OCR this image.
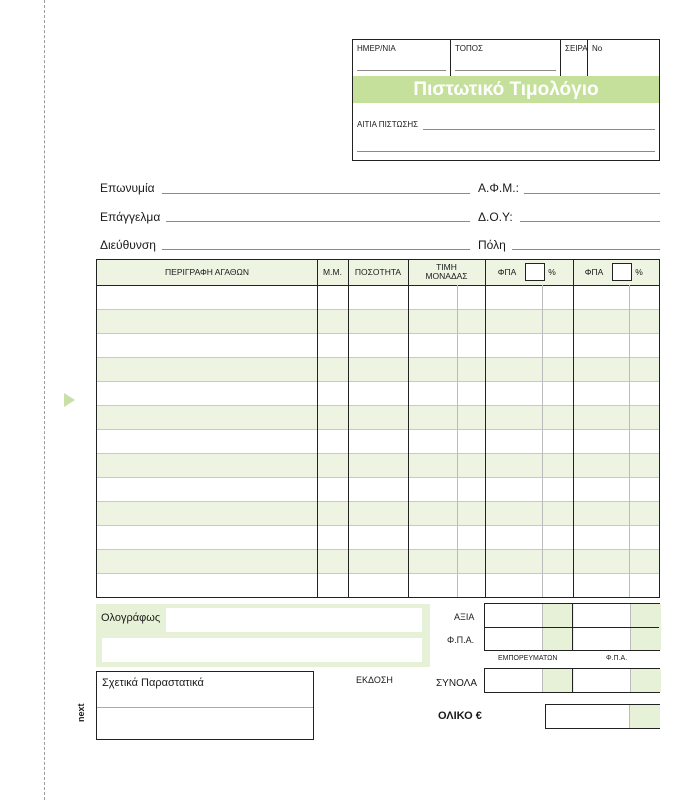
next
ΗΜΕΡ/ΝΙΑ	ΤΟΠΟΣ	ΣΕΙΡΑ No
Πιστωτικό Τιμολόγιο
ΑΙΤΙΑ ΠΙΣΤΩΣΗΣ
Επωνυμία	Α.Φ.Μ.:
Επάγγελμα	Δ.Ο.Υ:
Διεύθυνση	Πόλη
ΠΕΡΙΓΡΑΦΗ ΑΓΑΘΩΝ	Μ.Μ.	ΠΟΣΟΤΗΤΑ	ΤΙΜΗ ΜΟΝΑΔΑΣ	ΦΠΑ	%	ΦΠΑ	%
Ολογράφως	ΑΞΙΑ
Φ.Π.Α.
ΕΜΠΟΡΕΥΜΑΤΩΝ	Φ.Π.Α.
Σχετικά Παραστατικά	ΕΚΔΟΣΗ	ΣΥΝΟΛΑ
ΟΛΙΚΟ €
